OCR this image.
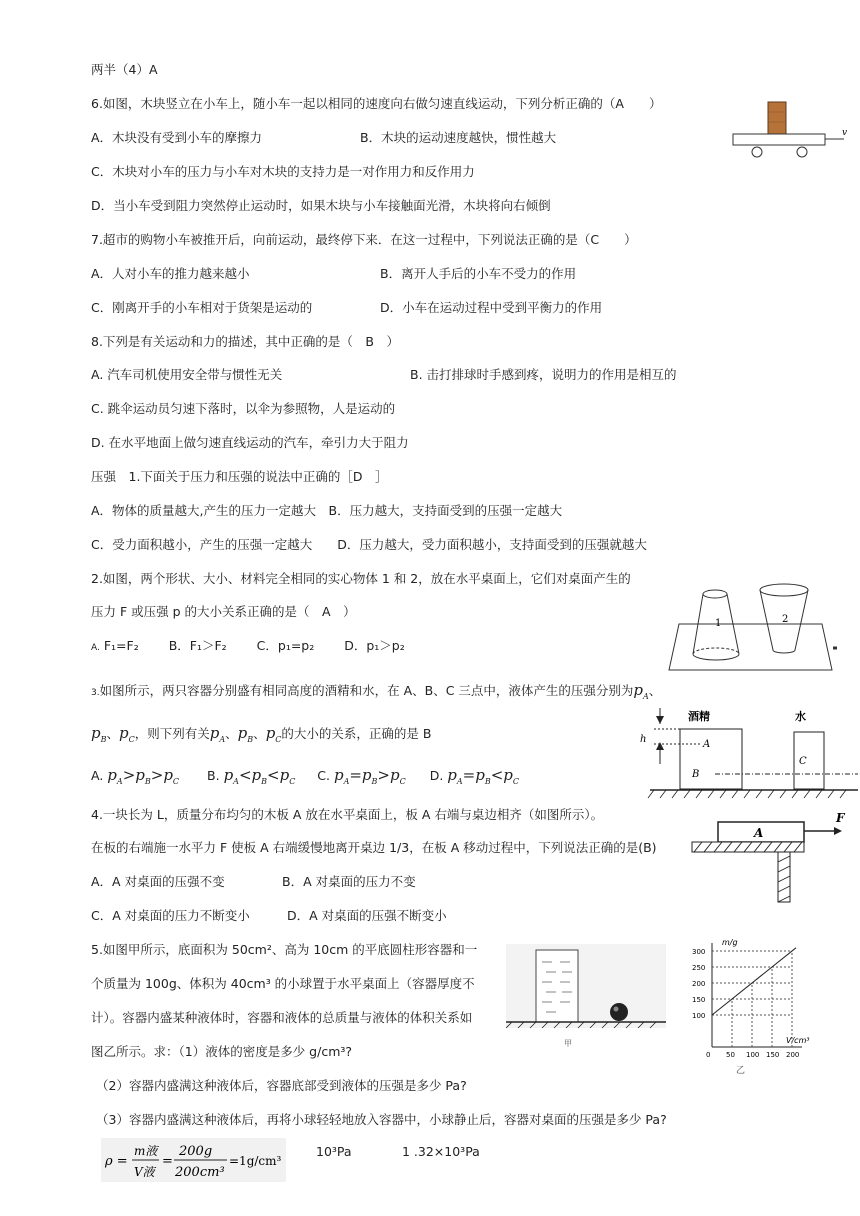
两半（4）A
6.如图，木块竖立在小车上，随小车一起以相同的速度向右做匀速直线运动，下列分析正确的（A　　）
A．木块没有受到小车的摩擦力	B．木块的运动速度越快，惯性越大
C．木块对小车的压力与小车对木块的支持力是一对作用力和反作用力
D．当小车受到阻力突然停止运动时，如果木块与小车接触面光滑，木块将向右倾倒
7.超市的购物小车被推开后，向前运动，最终停下来．在这一过程中，下列说法正确的是（C　　）
A．人对小车的推力越来越小	B．离开人手后的小车不受力的作用
C．刚离开手的小车相对于货架是运动的	D．小车在运动过程中受到平衡力的作用
8.下列是有关运动和力的描述，其中正确的是（　B　）
A. 汽车司机使用安全带与惯性无关	B. 击打排球时手感到疼，说明力的作用是相互的
C. 跳伞运动员匀速下落时，以伞为参照物，人是运动的
D. 在水平地面上做匀速直线运动的汽车，牵引力大于阻力
压强　1.下面关于压力和压强的说法中正确的［D　］
A．物体的质量越大,产生的压力一定越大　B．压力越大，支持面受到的压强一定越大
C．受力面积越小，产生的压强一定越大　　D．压力越大，受力面积越小，支持面受到的压强就越大
2.如图，两个形状、大小、材料完全相同的实心物体 1 和 2，放在水平桌面上，它们对桌面产生的
压力 F 或压强 p 的大小关系正确的是（　A　）
A. F₁=F₂ B．F₁＞F₂ C．p₁=p₂ D．p₁＞p₂
3.如图所示，两只容器分别盛有相同高度的酒精和水，在 A、B、C 三点中，液体产生的压强分别为$p_A$、
$p_B$、$p_C$，则下列有关$p_A$、$p_B$、$p_C$的大小的关系，正确的是 B
A. $p_A>p_B>p_C$ B. $p_A<p_B<p_C$ C. $p_A=p_B>p_C$ D. $p_A=p_B<p_C$
4.一块长为 L，质量分布均匀的木板 A 放在水平桌面上，板 A 右端与桌边相齐（如图所示）。
在板的右端施一水平力 F 使板 A 右端缓慢地离开桌边 1/3，在板 A 移动过程中，下列说法正确的是(B)
A．A 对桌面的压强不变	B．A 对桌面的压力不变
C．A 对桌面的压力不断变小	D．A 对桌面的压强不断变小
5.如图甲所示，底面积为 50cm²、高为 10cm 的平底圆柱形容器和一
个质量为 100g、体积为 40cm³ 的小球置于水平桌面上（容器厚度不
计）。容器内盛某种液体时，容器和液体的总质量与液体的体积关系如
图乙所示。求：（1）液体的密度是多少 g/cm³?
（2）容器内盛满这种液体后，容器底部受到液体的压强是多少 Pa?
（3）容器内盛满这种液体后，再将小球轻轻地放入容器中，小球静止后，容器对桌面的压强是多少 Pa?
ρ =
m液
V液
=
200g
200cm³
=1g/cm³
10³Pa	1 .32×10³Pa
v
1	2
酒精	水
h	A
B
C
A
F
甲
m/g
V/cm³
300
250
200
150
100
0 50 100 150 200
乙
